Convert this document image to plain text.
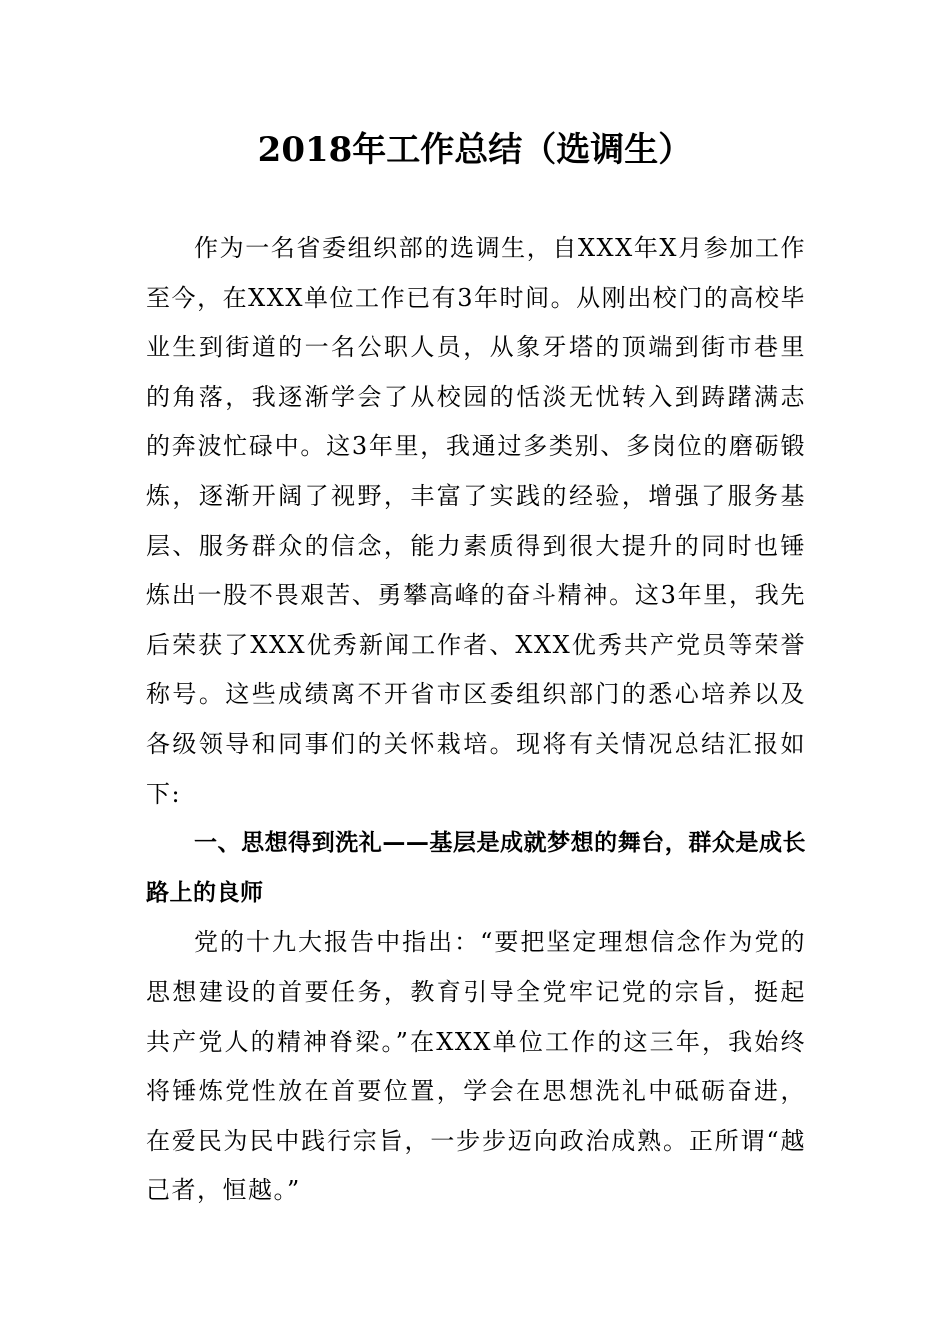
2018年工作总结（选调生）

作为一名省委组织部的选调生，自XXX年X月参加工作至今，在XXX单位工作已有3年时间。从刚出校门的高校毕业生到街道的一名公职人员，从象牙塔的顶端到街市巷里的角落，我逐渐学会了从校园的恬淡无忧转入到踌躇满志的奔波忙碌中。这3年里，我通过多类别、多岗位的磨砺锻炼，逐渐开阔了视野，丰富了实践的经验，增强了服务基层、服务群众的信念，能力素质得到很大提升的同时也锤炼出一股不畏艰苦、勇攀高峰的奋斗精神。这3年里，我先后荣获了XXX优秀新闻工作者、XXX优秀共产党员等荣誉称号。这些成绩离不开省市区委组织部门的悉心培养以及各级领导和同事们的关怀栽培。现将有关情况总结汇报如下:

一、思想得到洗礼——基层是成就梦想的舞台，群众是成长路上的良师

党的十九大报告中指出：“要把坚定理想信念作为党的思想建设的首要任务，教育引导全党牢记党的宗旨，挺起共产党人的精神脊梁。”在XXX单位工作的这三年，我始终将锤炼党性放在首要位置，学会在思想洗礼中砥砺奋进，在爱民为民中践行宗旨，一步步迈向政治成熟。正所谓“越己者，恒越。”
